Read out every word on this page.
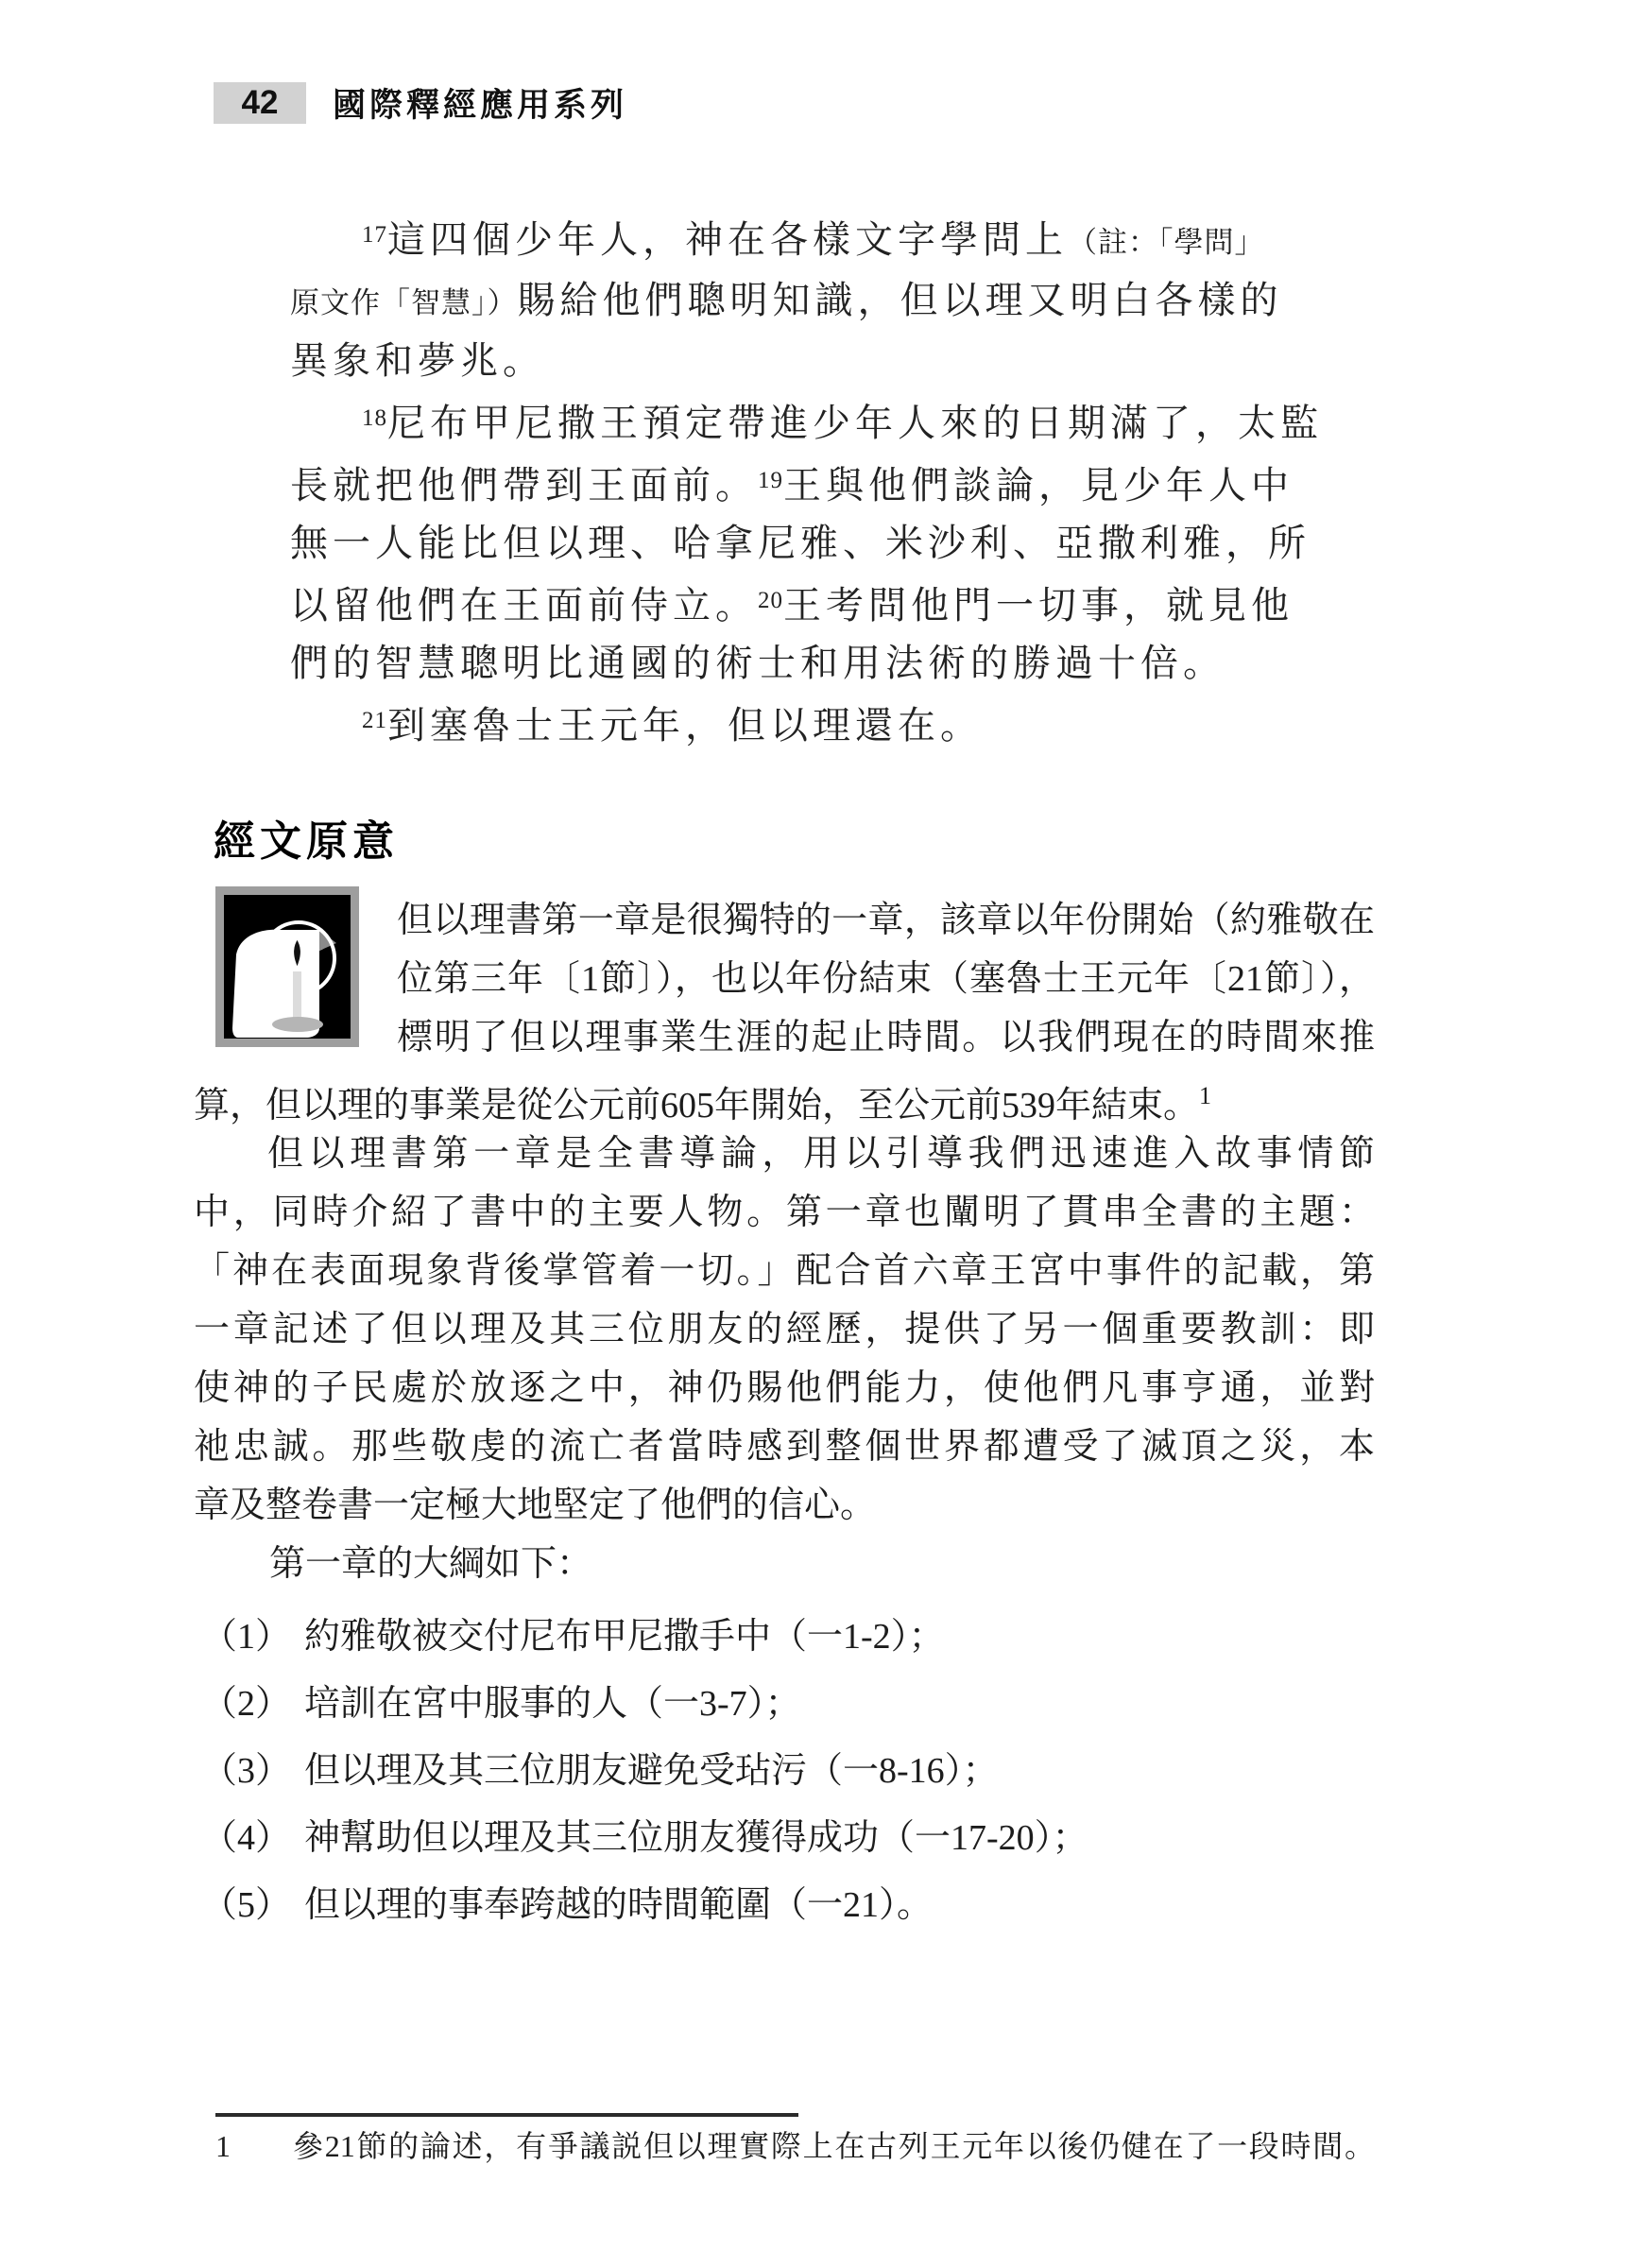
42	國際釋經應用系列
$^{17}$這四個少年人，神在各樣文字學問上（註：「學問」
原文作「智慧」）賜給他們聰明知識，但以理又明白各樣的
異象和夢兆。
$^{18}$尼布甲尼撒王預定帶進少年人來的日期滿了，太監
長就把他們帶到王面前。$^{19}$王與他們談論，見少年人中
無一人能比但以理、哈拿尼雅、米沙利、亞撒利雅，所
以留他們在王面前侍立。$^{20}$王考問他門一切事，就見他
們的智慧聰明比通國的術士和用法術的勝過十倍。
$^{21}$到塞魯士王元年，但以理還在。
經文原意
但以理書第一章是很獨特的一章，該章以年份開始（約雅敬在
位第三年〔1節〕），也以年份結束（塞魯士王元年〔21節〕），
標明了但以理事業生涯的起止時間。以我們現在的時間來推
算，但以理的事業是從公元前605年開始，至公元前539年結束。$^1$
但以理書第一章是全書導論，用以引導我們迅速進入故事情節
中，同時介紹了書中的主要人物。第一章也闡明了貫串全書的主題：
「神在表面現象背後掌管着一切。」配合首六章王宮中事件的記載，第
一章記述了但以理及其三位朋友的經歷，提供了另一個重要教訓：即
使神的子民處於放逐之中，神仍賜他們能力，使他們凡事亨通，並對
祂忠誠。那些敬虔的流亡者當時感到整個世界都遭受了滅頂之災，本
章及整卷書一定極大地堅定了他們的信心。
第一章的大綱如下：
（1） 約雅敬被交付尼布甲尼撒手中（一1-2）；
（2） 培訓在宮中服事的人（一3-7）；
（3） 但以理及其三位朋友避免受玷污（一8-16）；
（4） 神幫助但以理及其三位朋友獲得成功（一17-20）；
（5） 但以理的事奉跨越的時間範圍（一21）。
1	參21節的論述，有爭議説但以理實際上在古列王元年以後仍健在了一段時間。
